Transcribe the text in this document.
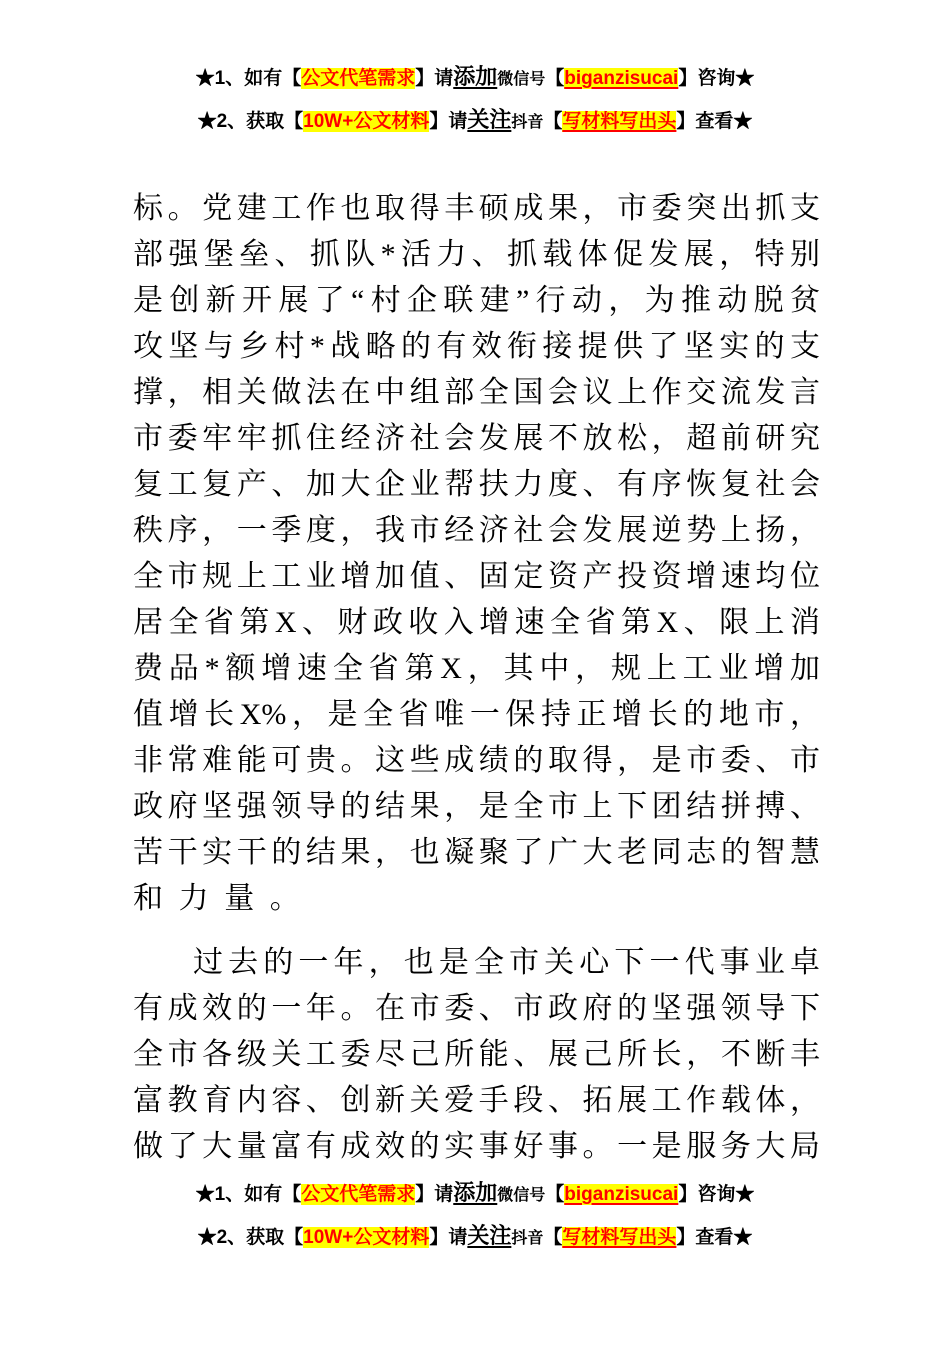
★1、如有【公文代笔需求】请添加微信号【biganzisucai】咨询★
★2、获取【10W+公文材料】请关注抖音【写材料写出头】查看★
标。党建工作也取得丰硕成果，市委突出抓支
部强堡垒、抓队*活力、抓载体促发展，特别
是创新开展了“村企联建”行动，为推动脱贫
攻坚与乡村*战略的有效衔接提供了坚实的支
撑，相关做法在中组部全国会议上作交流发言
市委牢牢抓住经济社会发展不放松，超前研究
复工复产、加大企业帮扶力度、有序恢复社会
秩序，一季度，我市经济社会发展逆势上扬，
全市规上工业增加值、固定资产投资增速均位
居全省第X、财政收入增速全省第X、限上消
费品*额增速全省第X，其中，规上工业增加
值增长X%，是全省唯一保持正增长的地市，
非常难能可贵。这些成绩的取得，是市委、市
政府坚强领导的结果，是全市上下团结拼搏、
苦干实干的结果，也凝聚了广大老同志的智慧
和力量。
过去的一年，也是全市关心下一代事业卓
有成效的一年。在市委、市政府的坚强领导下
全市各级关工委尽己所能、展己所长，不断丰
富教育内容、创新关爱手段、拓展工作载体，
做了大量富有成效的实事好事。一是服务大局
★1、如有【公文代笔需求】请添加微信号【biganzisucai】咨询★
★2、获取【10W+公文材料】请关注抖音【写材料写出头】查看★
